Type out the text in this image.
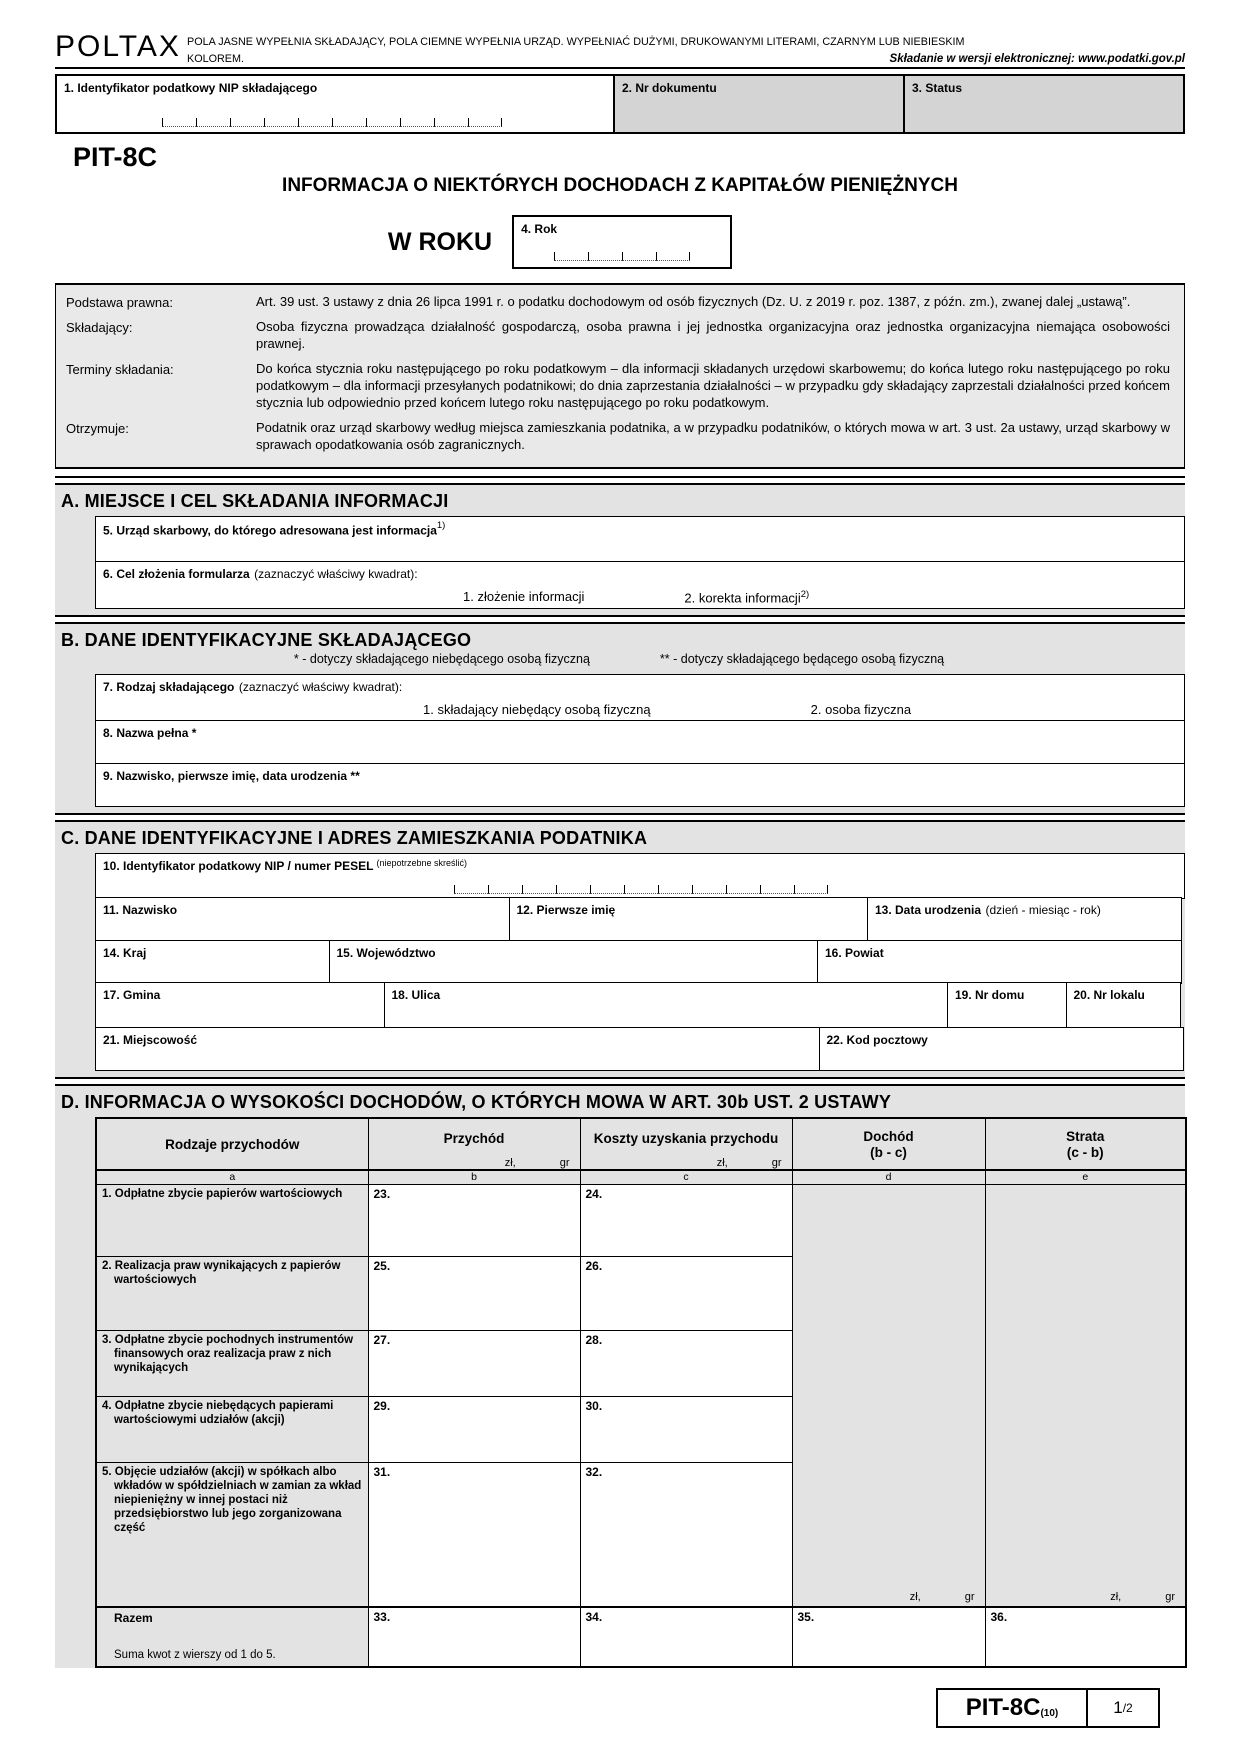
POLTAX POLA JASNE WYPEŁNIA SKŁADAJĄCY, POLA CIEMNE WYPEŁNIA URZĄD. WYPEŁNIAĆ DUŻYMI, DRUKOWANYMI LITERAMI, CZARNYM LUB NIEBIESKIM
KOLOREM.	Składanie w wersji elektronicznej: www.podatki.gov.pl
1. Identyfikator podatkowy NIP składającego	2. Nr dokumentu	3. Status
PIT-8C
INFORMACJA O NIEKTÓRYCH DOCHODACH Z KAPITAŁÓW PIENIĘŻNYCH
W ROKU	4. Rok
Podstawa prawna:	Art. 39 ust. 3 ustawy z dnia 26 lipca 1991 r. o podatku dochodowym od osób fizycznych (Dz. U. z 2019 r. poz. 1387, z późn. zm.), zwanej dalej „ustawą”.
Składający:	Osoba fizyczna prowadząca działalność gospodarczą, osoba prawna i jej jednostka organizacyjna oraz jednostka organizacyjna niemająca osobowości prawnej.
Terminy składania:	Do końca stycznia roku następującego po roku podatkowym – dla informacji składanych urzędowi skarbowemu; do końca lutego roku następującego po roku podatkowym – dla informacji przesyłanych podatnikowi; do dnia zaprzestania działalności – w przypadku gdy składający zaprzestali działalności przed końcem stycznia lub odpowiednio przed końcem lutego roku następującego po roku podatkowym.
Otrzymuje:	Podatnik oraz urząd skarbowy według miejsca zamieszkania podatnika, a w przypadku podatników, o których mowa w art. 3 ust. 2a ustawy, urząd skarbowy w sprawach opodatkowania osób zagranicznych.
A. MIEJSCE I CEL SKŁADANIA INFORMACJI
5. Urząd skarbowy, do którego adresowana jest informacja$^{1)}$
6. Cel złożenia formularza (zaznaczyć właściwy kwadrat):
1. złożenie informacji	2. korekta informacji$^{2)}$
B. DANE IDENTYFIKACYJNE SKŁADAJĄCEGO
* - dotyczy składającego niebędącego osobą fizyczną	** - dotyczy składającego będącego osobą fizyczną
7. Rodzaj składającego (zaznaczyć właściwy kwadrat):
1. składający niebędący osobą fizyczną	2. osoba fizyczna
8. Nazwa pełna *
9. Nazwisko, pierwsze imię, data urodzenia **
C. DANE IDENTYFIKACYJNE I ADRES ZAMIESZKANIA PODATNIKA
10. Identyfikator podatkowy NIP / numer PESEL $^{(niepotrzebne skreślić)}$
11. Nazwisko	12. Pierwsze imię	13. Data urodzenia (dzień - miesiąc - rok)
14. Kraj	15. Województwo	16. Powiat
17. Gmina	18. Ulica	19. Nr domu	20. Nr lokalu
21. Miejscowość	22. Kod pocztowy
D. INFORMACJA O WYSOKOŚCI DOCHODÓW, O KTÓRYCH MOWA W ART. 30b UST. 2 USTAWY
Rodzaje przychodów	Przychód
zł,	gr

Koszty uzyskania przychodu
zł,	gr

Dochód
(b - c)

Strata
(c - b)

a	b	c	d	e
1. Odpłatne zbycie papierów wartościowych	23.	24.	zł, gr	zł, gr

2. Realizacja praw wynikających z papierów wartościowych	25.	26.		
3. Odpłatne zbycie pochodnych instrumentów finansowych oraz realizacja praw z nich wynikających	27.	28.		
4. Odpłatne zbycie niebędących papierami wartościowymi udziałów (akcji)	29.	30.		
5. Objęcie udziałów (akcji) w spółkach albo wkładów w spółdzielniach w zamian za wkład niepieniężny w innej postaci niż przedsiębiorstwo lub jego zorganizowana część	31.	32.		

Razem
Suma kwot z wierszy od 1 do 5.	33.	34.	35.	36.
PIT-8C (10)	1 /2
